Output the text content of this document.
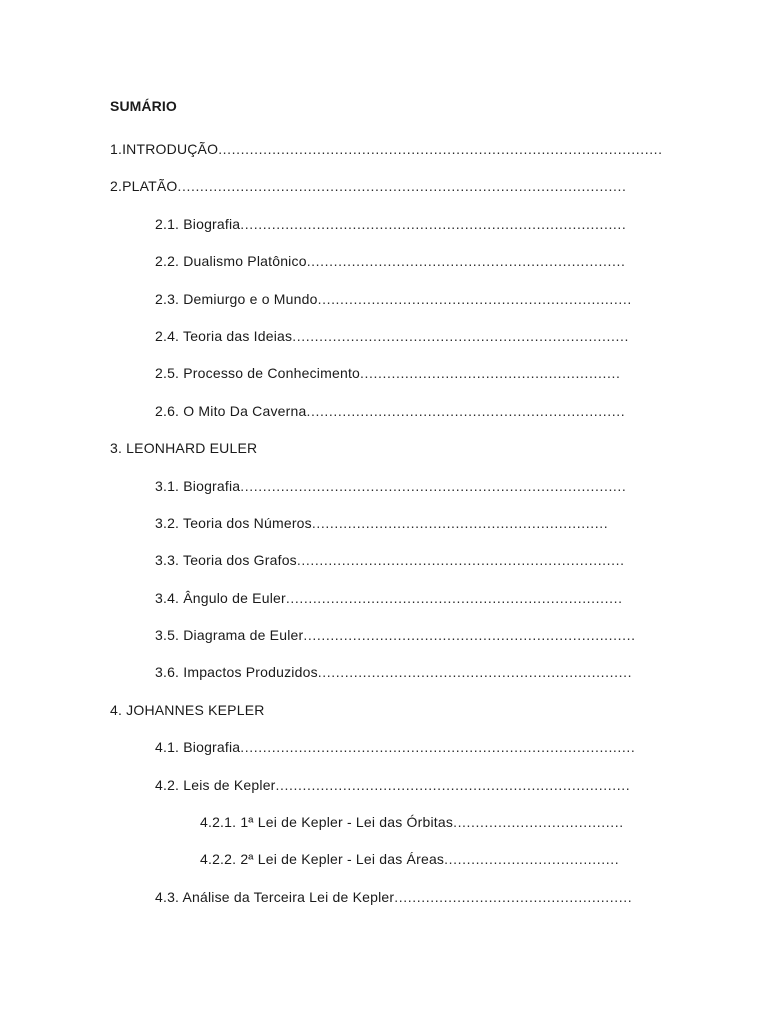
SUMÁRIO
1.INTRODUÇÃO...................................................................................................
2.PLATÃO....................................................................................................
2.1. Biografia......................................................................................
2.2. Dualismo Platônico.......................................................................
2.3. Demiurgo e o Mundo......................................................................
2.4. Teoria das Ideias...........................................................................
2.5. Processo de Conhecimento..........................................................
2.6. O Mito Da Caverna.......................................................................
3. LEONHARD EULER
3.1. Biografia......................................................................................
3.2. Teoria dos Números..................................................................
3.3. Teoria dos Grafos.........................................................................
3.4. Ângulo de Euler...........................................................................
3.5. Diagrama de Euler..........................................................................
3.6. Impactos Produzidos......................................................................
4. JOHANNES KEPLER
4.1. Biografia........................................................................................
4.2. Leis de Kepler...............................................................................
4.2.1. 1ª Lei de Kepler - Lei das Órbitas......................................
4.2.2. 2ª Lei de Kepler - Lei das Áreas.......................................
4.3. Análise da Terceira Lei de Kepler.....................................................
